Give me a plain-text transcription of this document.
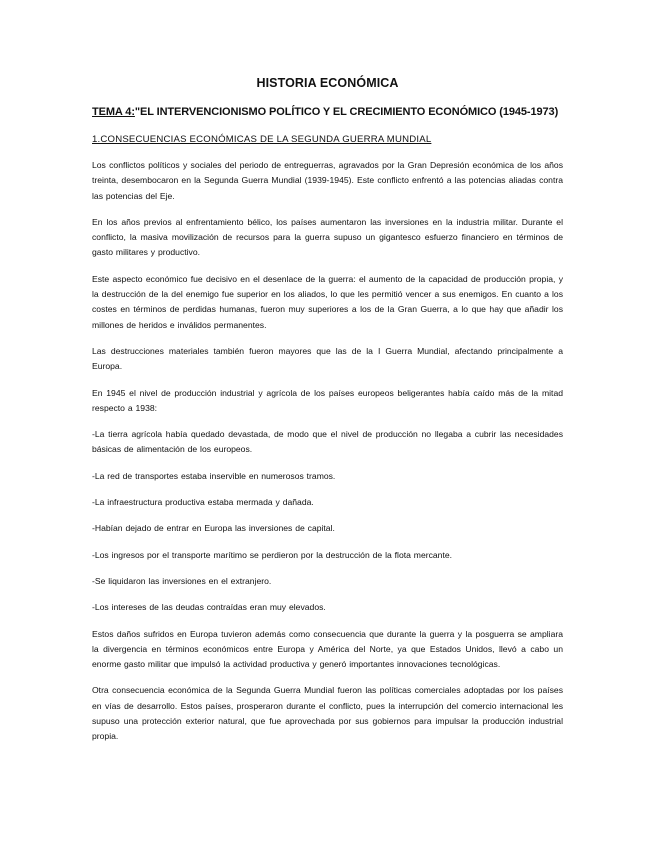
HISTORIA ECONÓMICA
TEMA 4:"EL INTERVENCIONISMO POLÍTICO Y EL CRECIMIENTO ECONÓMICO (1945-1973)
1.CONSECUENCIAS ECONÓMICAS DE LA SEGUNDA GUERRA MUNDIAL

Los conflictos políticos y sociales del periodo de entreguerras, agravados por la Gran Depresión económica de los años treinta, desembocaron en la Segunda Guerra Mundial (1939-1945). Este conflicto enfrentó a las potencias aliadas contra las potencias del Eje.

En los años previos al enfrentamiento bélico, los países aumentaron las inversiones en la industria militar. Durante el conflicto, la masiva movilización de recursos para la guerra supuso un gigantesco esfuerzo financiero en términos de gasto militares y productivo.

Este aspecto económico fue decisivo en el desenlace de la guerra: el aumento de la capacidad de producción propia, y la destrucción de la del enemigo fue superior en los aliados, lo que les permitió vencer a sus enemigos. En cuanto a los costes en términos de perdidas humanas, fueron muy superiores a los de la Gran Guerra, a lo que hay que añadir los millones de heridos e inválidos permanentes.

Las destrucciones materiales también fueron mayores que las de la I Guerra Mundial, afectando principalmente a Europa.

En 1945 el nivel de producción industrial y agrícola de los países europeos beligerantes había caído más de la mitad respecto a 1938:

-La tierra agrícola había quedado devastada, de modo que el nivel de producción no llegaba a cubrir las necesidades básicas de alimentación de los europeos.

-La red de transportes estaba inservible en numerosos tramos.

-La infraestructura productiva estaba mermada y dañada.

-Habían dejado de entrar en Europa las inversiones de capital.

-Los ingresos por el transporte marítimo se perdieron por la destrucción de la flota mercante.

-Se liquidaron las inversiones en el extranjero.

-Los intereses de las deudas contraídas eran muy elevados.

Estos daños sufridos en Europa tuvieron además como consecuencia que durante la guerra y la posguerra se ampliara la divergencia en términos económicos entre Europa y América del Norte, ya que Estados Unidos, llevó a cabo un enorme gasto militar que impulsó la actividad productiva y generó importantes innovaciones tecnológicas.

Otra consecuencia económica de la Segunda Guerra Mundial fueron las políticas comerciales adoptadas por los países en vías de desarrollo. Estos países, prosperaron durante el conflicto, pues la interrupción del comercio internacional les supuso una protección exterior natural, que fue aprovechada por sus gobiernos para impulsar la producción industrial propia.
